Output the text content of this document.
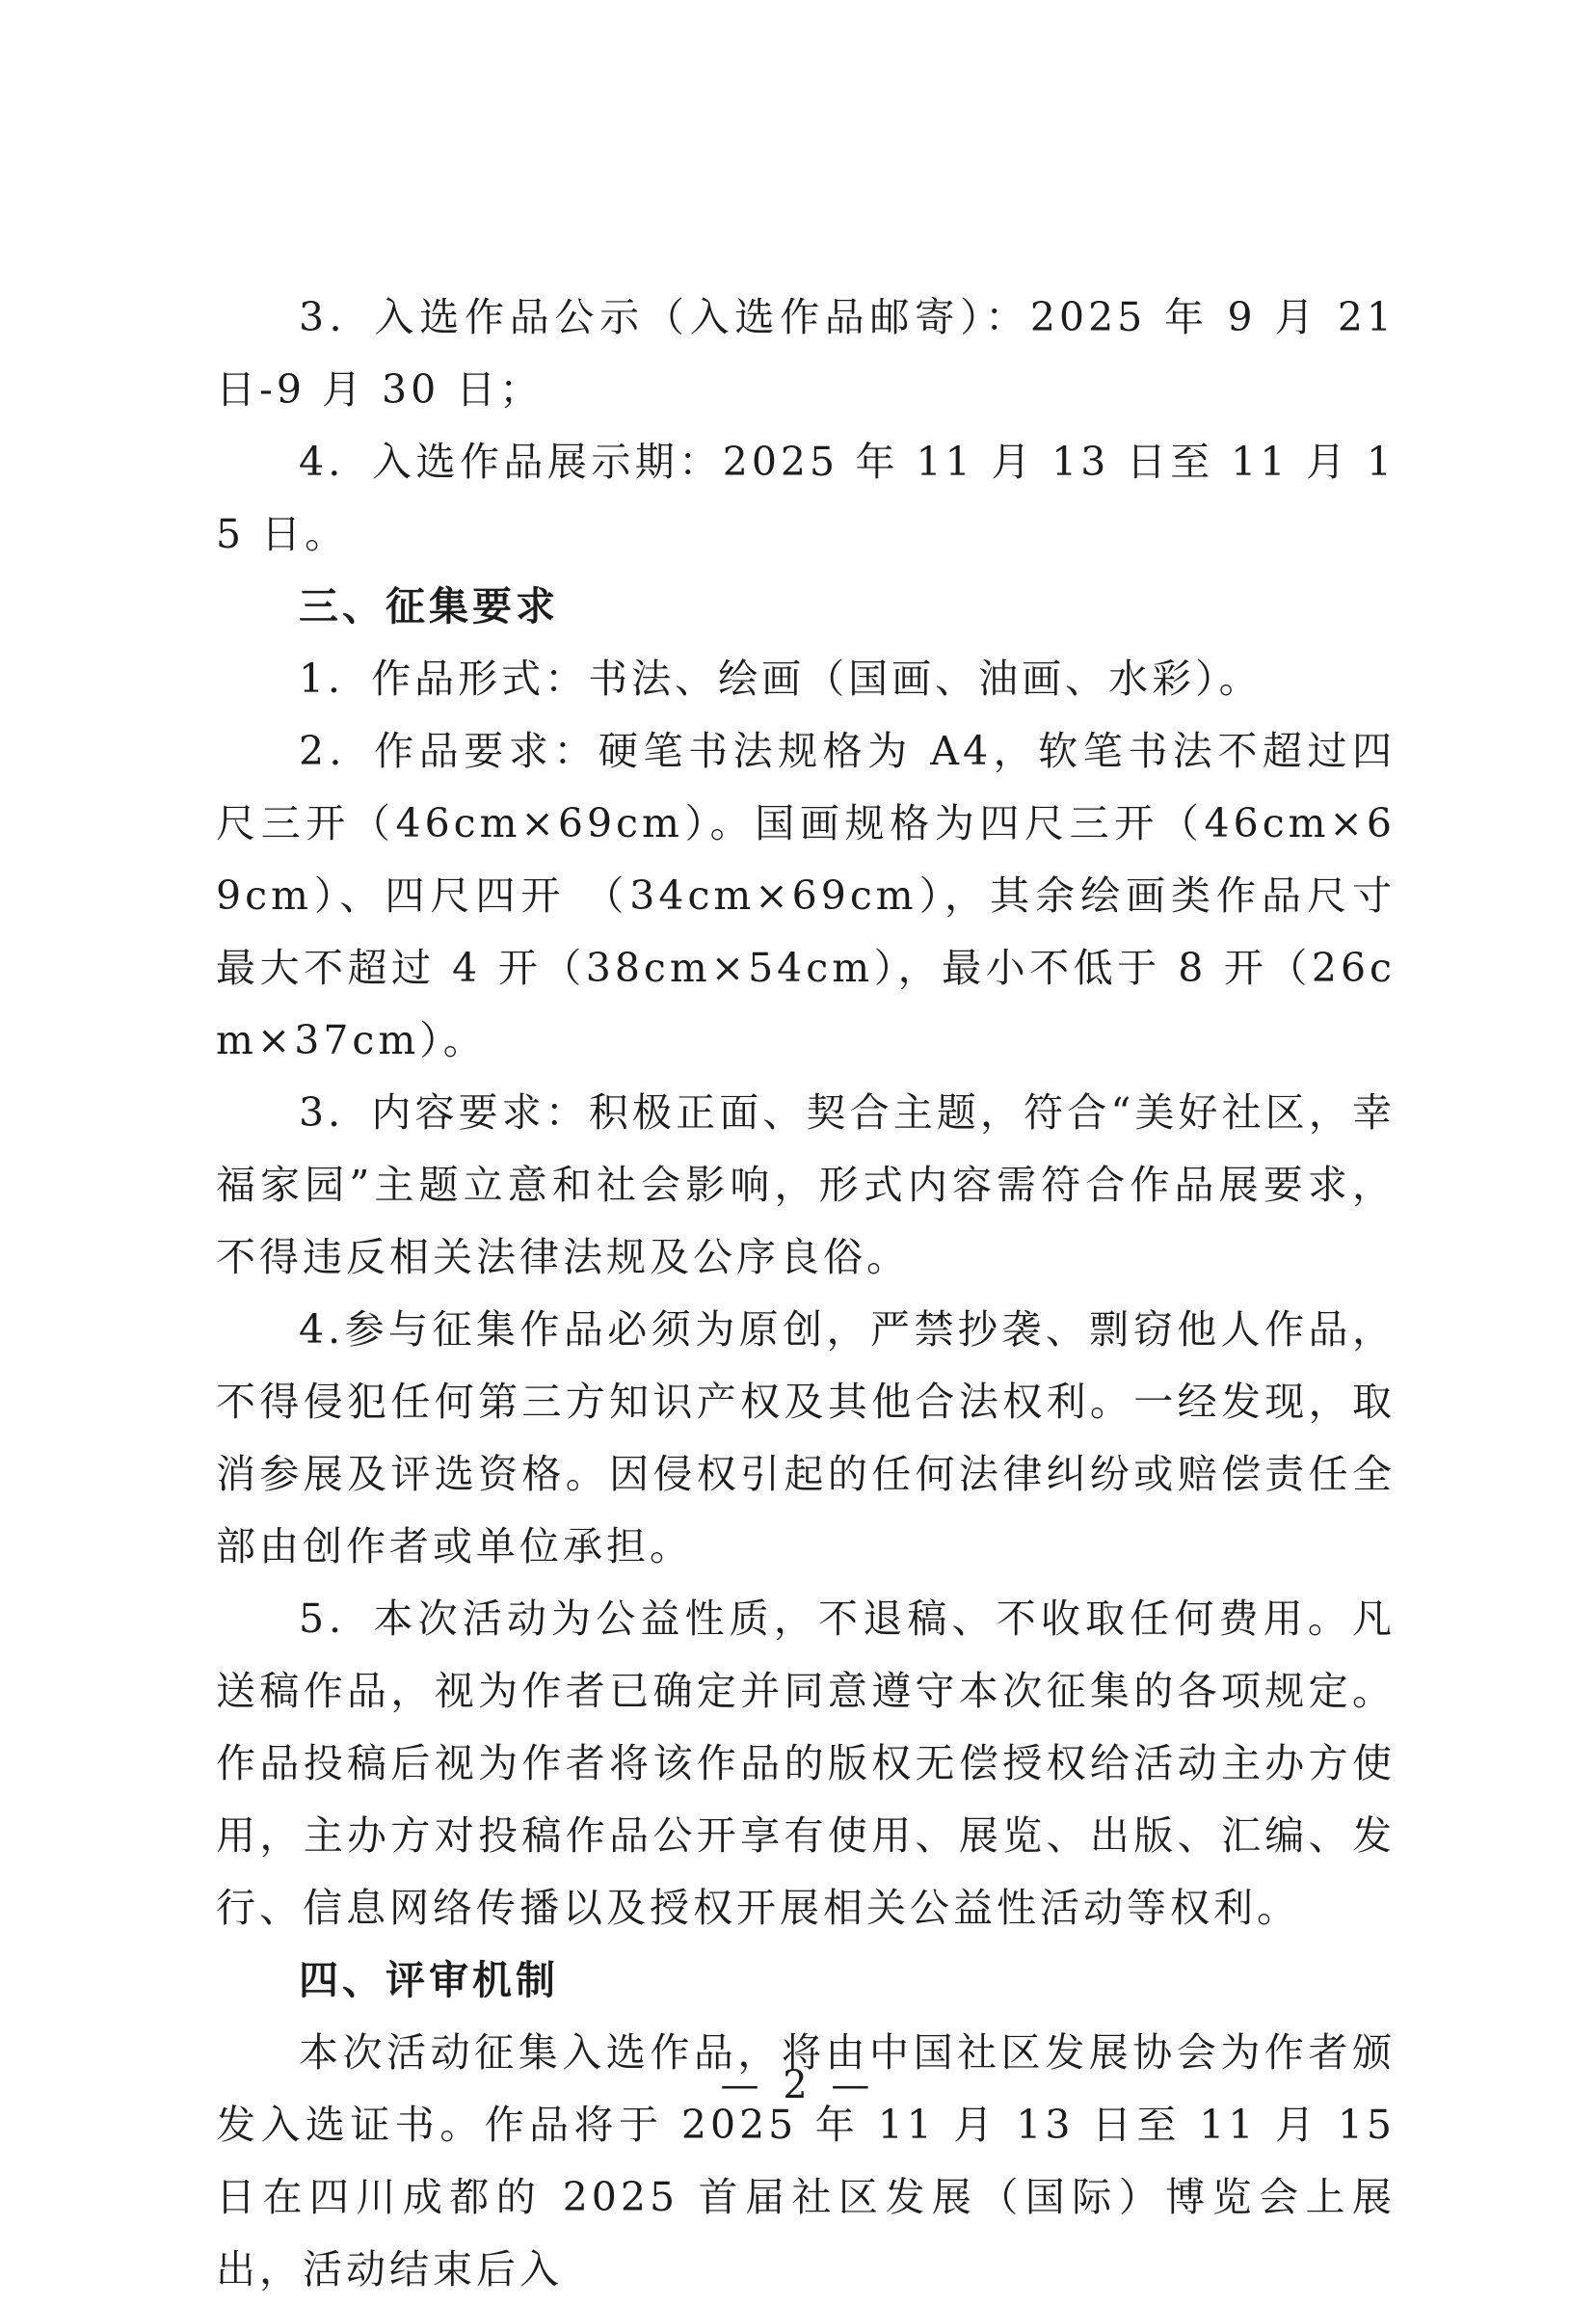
3．入选作品公示（入选作品邮寄）：2025 年 9 月 21 日-9 月 30 日；

4．入选作品展示期：2025 年 11 月 13 日至 11 月 15 日。

三、征集要求

1．作品形式：书法、绘画（国画、油画、水彩）。

2．作品要求：硬笔书法规格为 A4，软笔书法不超过四尺三开（46cm×69cm）。国画规格为四尺三开（46cm×69cm）、四尺四开 （34cm×69cm），其余绘画类作品尺寸最大不超过 4 开（38cm×54cm），最小不低于 8 开（26cm×37cm）。

3．内容要求：积极正面、契合主题，符合“美好社区，幸福家园”主题立意和社会影响，形式内容需符合作品展要求，不得违反相关法律法规及公序良俗。

4.参与征集作品必须为原创，严禁抄袭、剽窃他人作品，不得侵犯任何第三方知识产权及其他合法权利。一经发现，取消参展及评选资格。因侵权引起的任何法律纠纷或赔偿责任全部由创作者或单位承担。

5．本次活动为公益性质，不退稿、不收取任何费用。凡送稿作品，视为作者已确定并同意遵守本次征集的各项规定。作品投稿后视为作者将该作品的版权无偿授权给活动主办方使用，主办方对投稿作品公开享有使用、展览、出版、汇编、发行、信息网络传播以及授权开展相关公益性活动等权利。

四、评审机制

本次活动征集入选作品，将由中国社区发展协会为作者颁发入选证书。作品将于 2025 年 11 月 13 日至 11 月 15 日在四川成都的 2025 首届社区发展（国际）博览会上展出，活动结束后入

— 2 —
